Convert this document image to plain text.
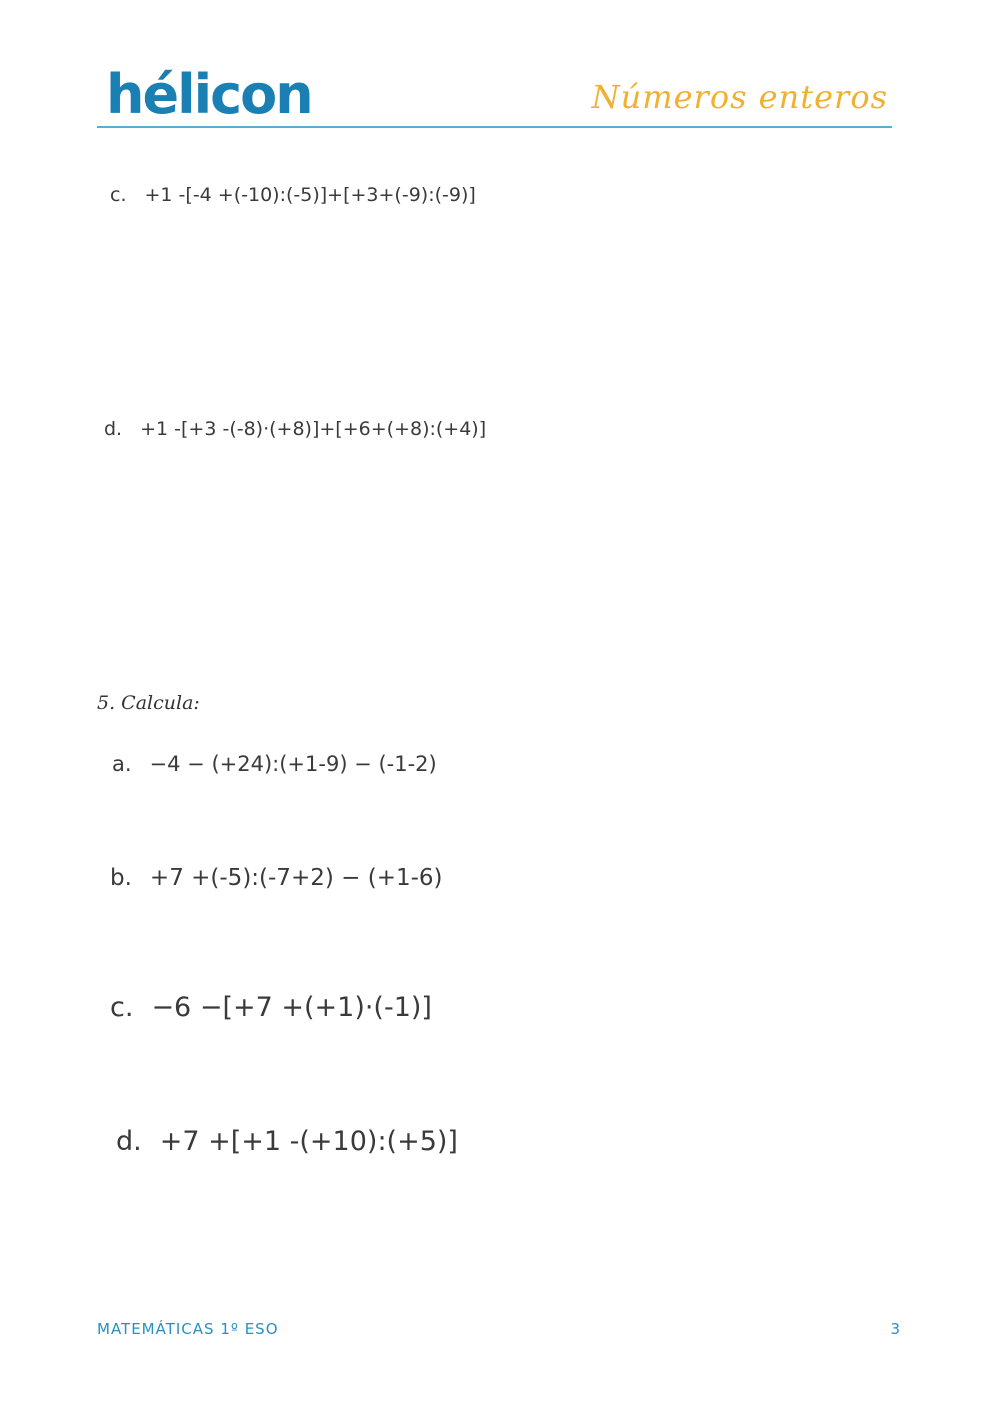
hélicon	Números enteros
c. +1 -[-4 +(-10):(-5)]+[+3+(-9):(-9)]
d. +1 -[+3 -(-8)·(+8)]+[+6+(+8):(+4)]
5. Calcula:
a. −4 − (+24):(+1-9) − (-1-2)
b. +7 +(-5):(-7+2) − (+1-6)
c. −6 −[+7 +(+1)·(-1)]
d. +7 +[+1 -(+10):(+5)]
MATEMÁTICAS 1º ESO	3
